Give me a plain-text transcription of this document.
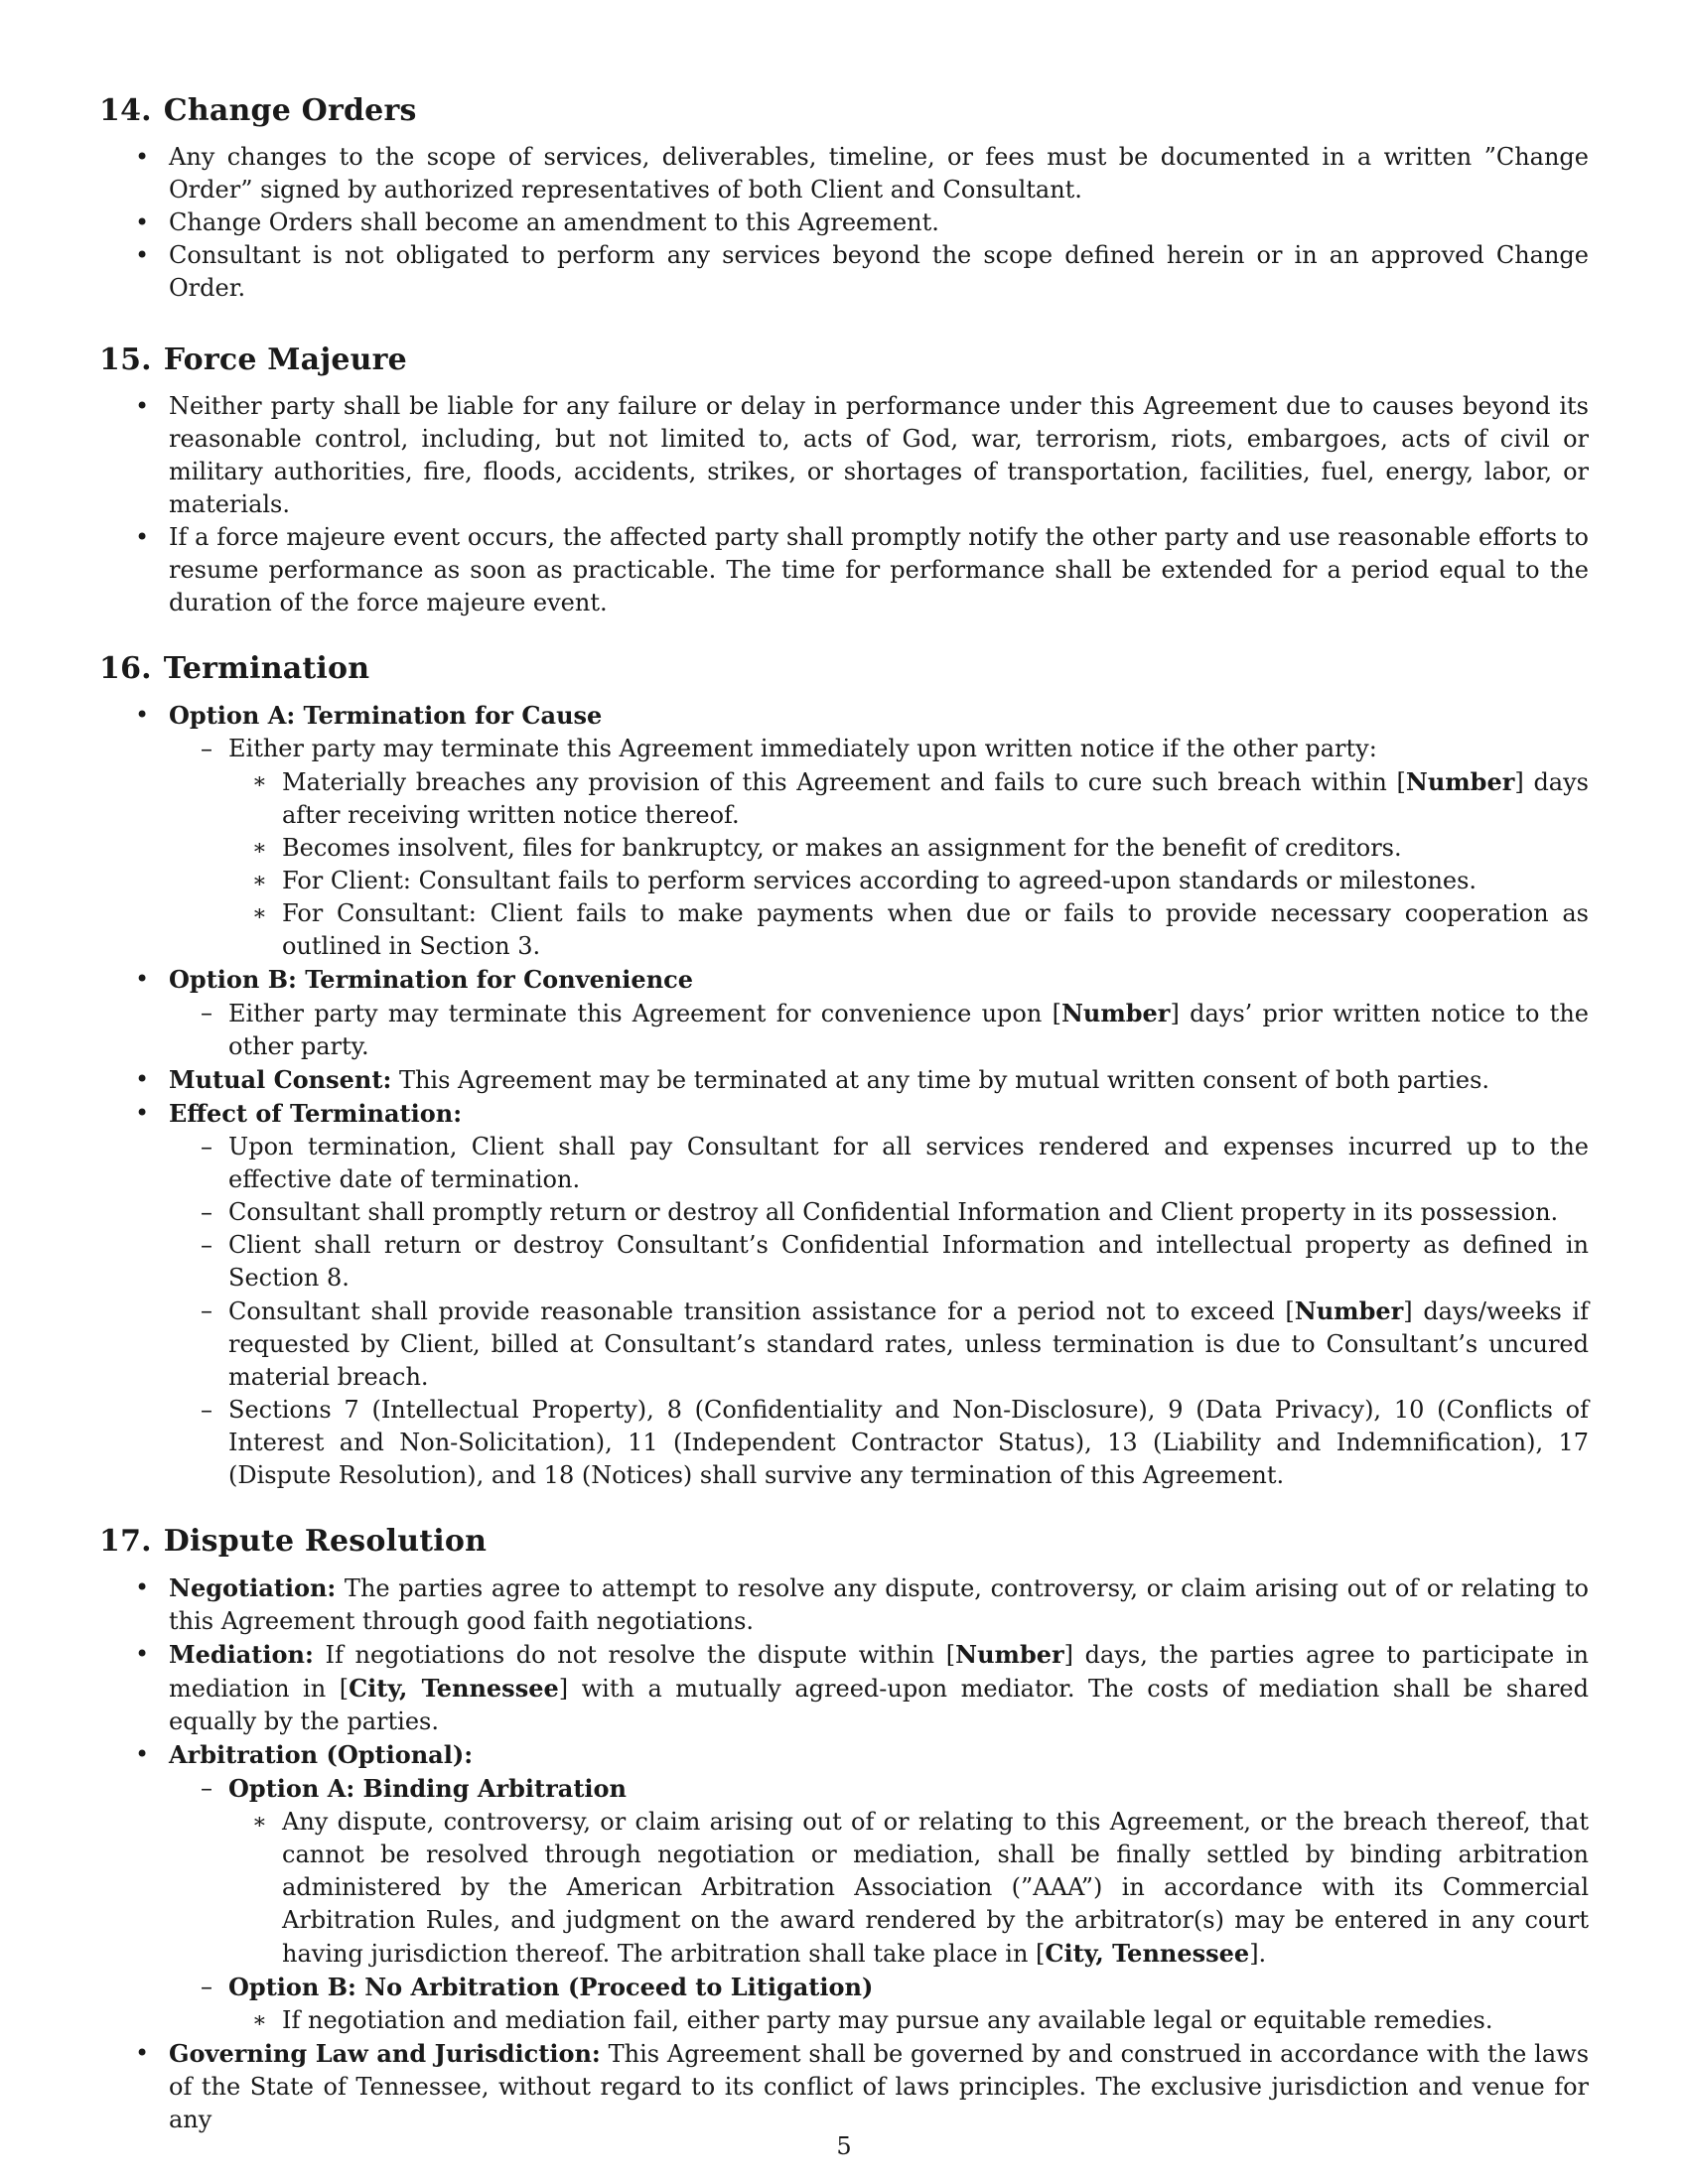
14. Change Orders
• Any changes to the scope of services, deliverables, timeline, or fees must be documented in a written ”Change Order” signed by authorized representatives of both Client and Consultant.
• Change Orders shall become an amendment to this Agreement.
• Consultant is not obligated to perform any services beyond the scope defined herein or in an approved Change Order.
15. Force Majeure
• Neither party shall be liable for any failure or delay in performance under this Agreement due to causes beyond its reasonable control, including, but not limited to, acts of God, war, terrorism, riots, embargoes, acts of civil or military authorities, fire, floods, accidents, strikes, or shortages of transportation, facilities, fuel, energy, labor, or materials.
• If a force majeure event occurs, the affected party shall promptly notify the other party and use reasonable efforts to resume performance as soon as practicable. The time for performance shall be extended for a period equal to the duration of the force majeure event.
16. Termination
• Option A: Termination for Cause
– Either party may terminate this Agreement immediately upon written notice if the other party:
∗ Materially breaches any provision of this Agreement and fails to cure such breach within [Number] days after receiving written notice thereof.
∗ Becomes insolvent, files for bankruptcy, or makes an assignment for the benefit of creditors.
∗ For Client: Consultant fails to perform services according to agreed-upon standards or milestones.
∗ For Consultant: Client fails to make payments when due or fails to provide necessary cooperation as outlined in Section 3.
• Option B: Termination for Convenience
– Either party may terminate this Agreement for convenience upon [Number] days’ prior written notice to the other party.
• Mutual Consent: This Agreement may be terminated at any time by mutual written consent of both parties.
• Effect of Termination:
– Upon termination, Client shall pay Consultant for all services rendered and expenses incurred up to the effective date of termination.
– Consultant shall promptly return or destroy all Confidential Information and Client property in its possession.
– Client shall return or destroy Consultant’s Confidential Information and intellectual property as defined in Section 8.
– Consultant shall provide reasonable transition assistance for a period not to exceed [Number] days/weeks if requested by Client, billed at Consultant’s standard rates, unless termination is due to Consultant’s uncured material breach.
– Sections 7 (Intellectual Property), 8 (Confidentiality and Non-Disclosure), 9 (Data Privacy), 10 (Conflicts of Interest and Non-Solicitation), 11 (Independent Contractor Status), 13 (Liability and Indemnification), 17 (Dispute Resolution), and 18 (Notices) shall survive any termination of this Agreement.
17. Dispute Resolution
• Negotiation: The parties agree to attempt to resolve any dispute, controversy, or claim arising out of or relating to this Agreement through good faith negotiations.
• Mediation: If negotiations do not resolve the dispute within [Number] days, the parties agree to participate in mediation in [City, Tennessee] with a mutually agreed-upon mediator. The costs of mediation shall be shared equally by the parties.
• Arbitration (Optional):
– Option A: Binding Arbitration
∗ Any dispute, controversy, or claim arising out of or relating to this Agreement, or the breach thereof, that cannot be resolved through negotiation or mediation, shall be finally settled by binding arbitration administered by the American Arbitration Association (”AAA”) in accordance with its Commercial Arbitration Rules, and judgment on the award rendered by the arbitrator(s) may be entered in any court having jurisdiction thereof. The arbitration shall take place in [City, Tennessee].
– Option B: No Arbitration (Proceed to Litigation)
∗ If negotiation and mediation fail, either party may pursue any available legal or equitable remedies.
• Governing Law and Jurisdiction: This Agreement shall be governed by and construed in accordance with the laws of the State of Tennessee, without regard to its conflict of laws principles. The exclusive jurisdiction and venue for any
5
